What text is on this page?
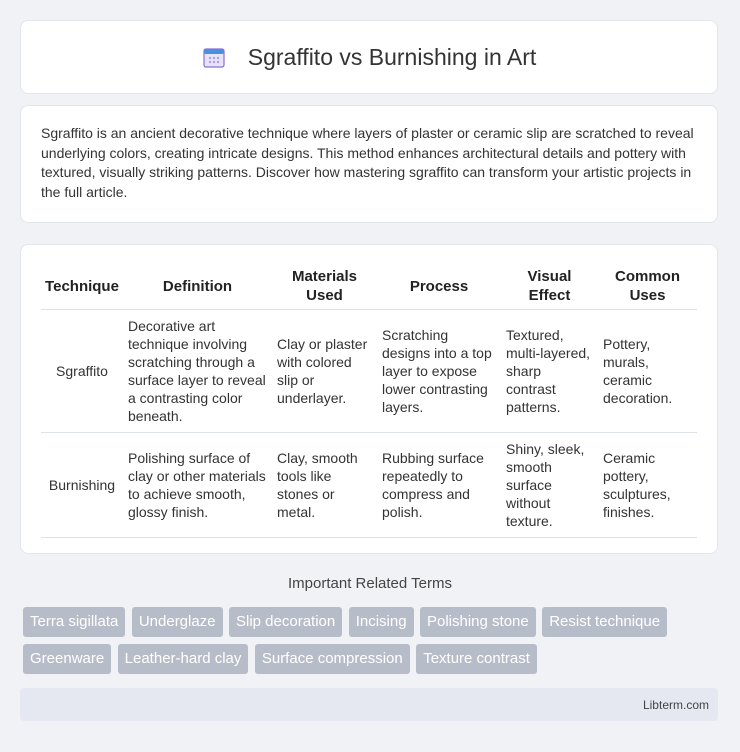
Sgraffito vs Burnishing in Art

Sgraffito is an ancient decorative technique where layers of plaster or ceramic slip are scratched to reveal underlying colors, creating intricate designs. This method enhances architectural details and pottery with textured, visually striking patterns. Discover how mastering sgraffito can transform your artistic projects in the full article.

Technique	Definition	Materials Used	Process	Visual Effect	Common Uses
Sgraffito	Decorative art technique involving scratching through a surface layer to reveal a contrasting color beneath.	Clay or plaster with colored slip or underlayer.	Scratching designs into a top layer to expose lower contrasting layers.	Textured, multi-layered, sharp contrast patterns.	Pottery, murals, ceramic decoration.
Burnishing	Polishing surface of clay or other materials to achieve smooth, glossy finish.	Clay, smooth tools like stones or metal.	Rubbing surface repeatedly to compress and polish.	Shiny, sleek, smooth surface without texture.	Ceramic pottery, sculptures, finishes.
Important Related Terms
Terra sigillata Underglaze Slip decoration Incising Polishing stone Resist technique Greenware Leather-hard clay Surface compression Texture contrast
Libterm.com
